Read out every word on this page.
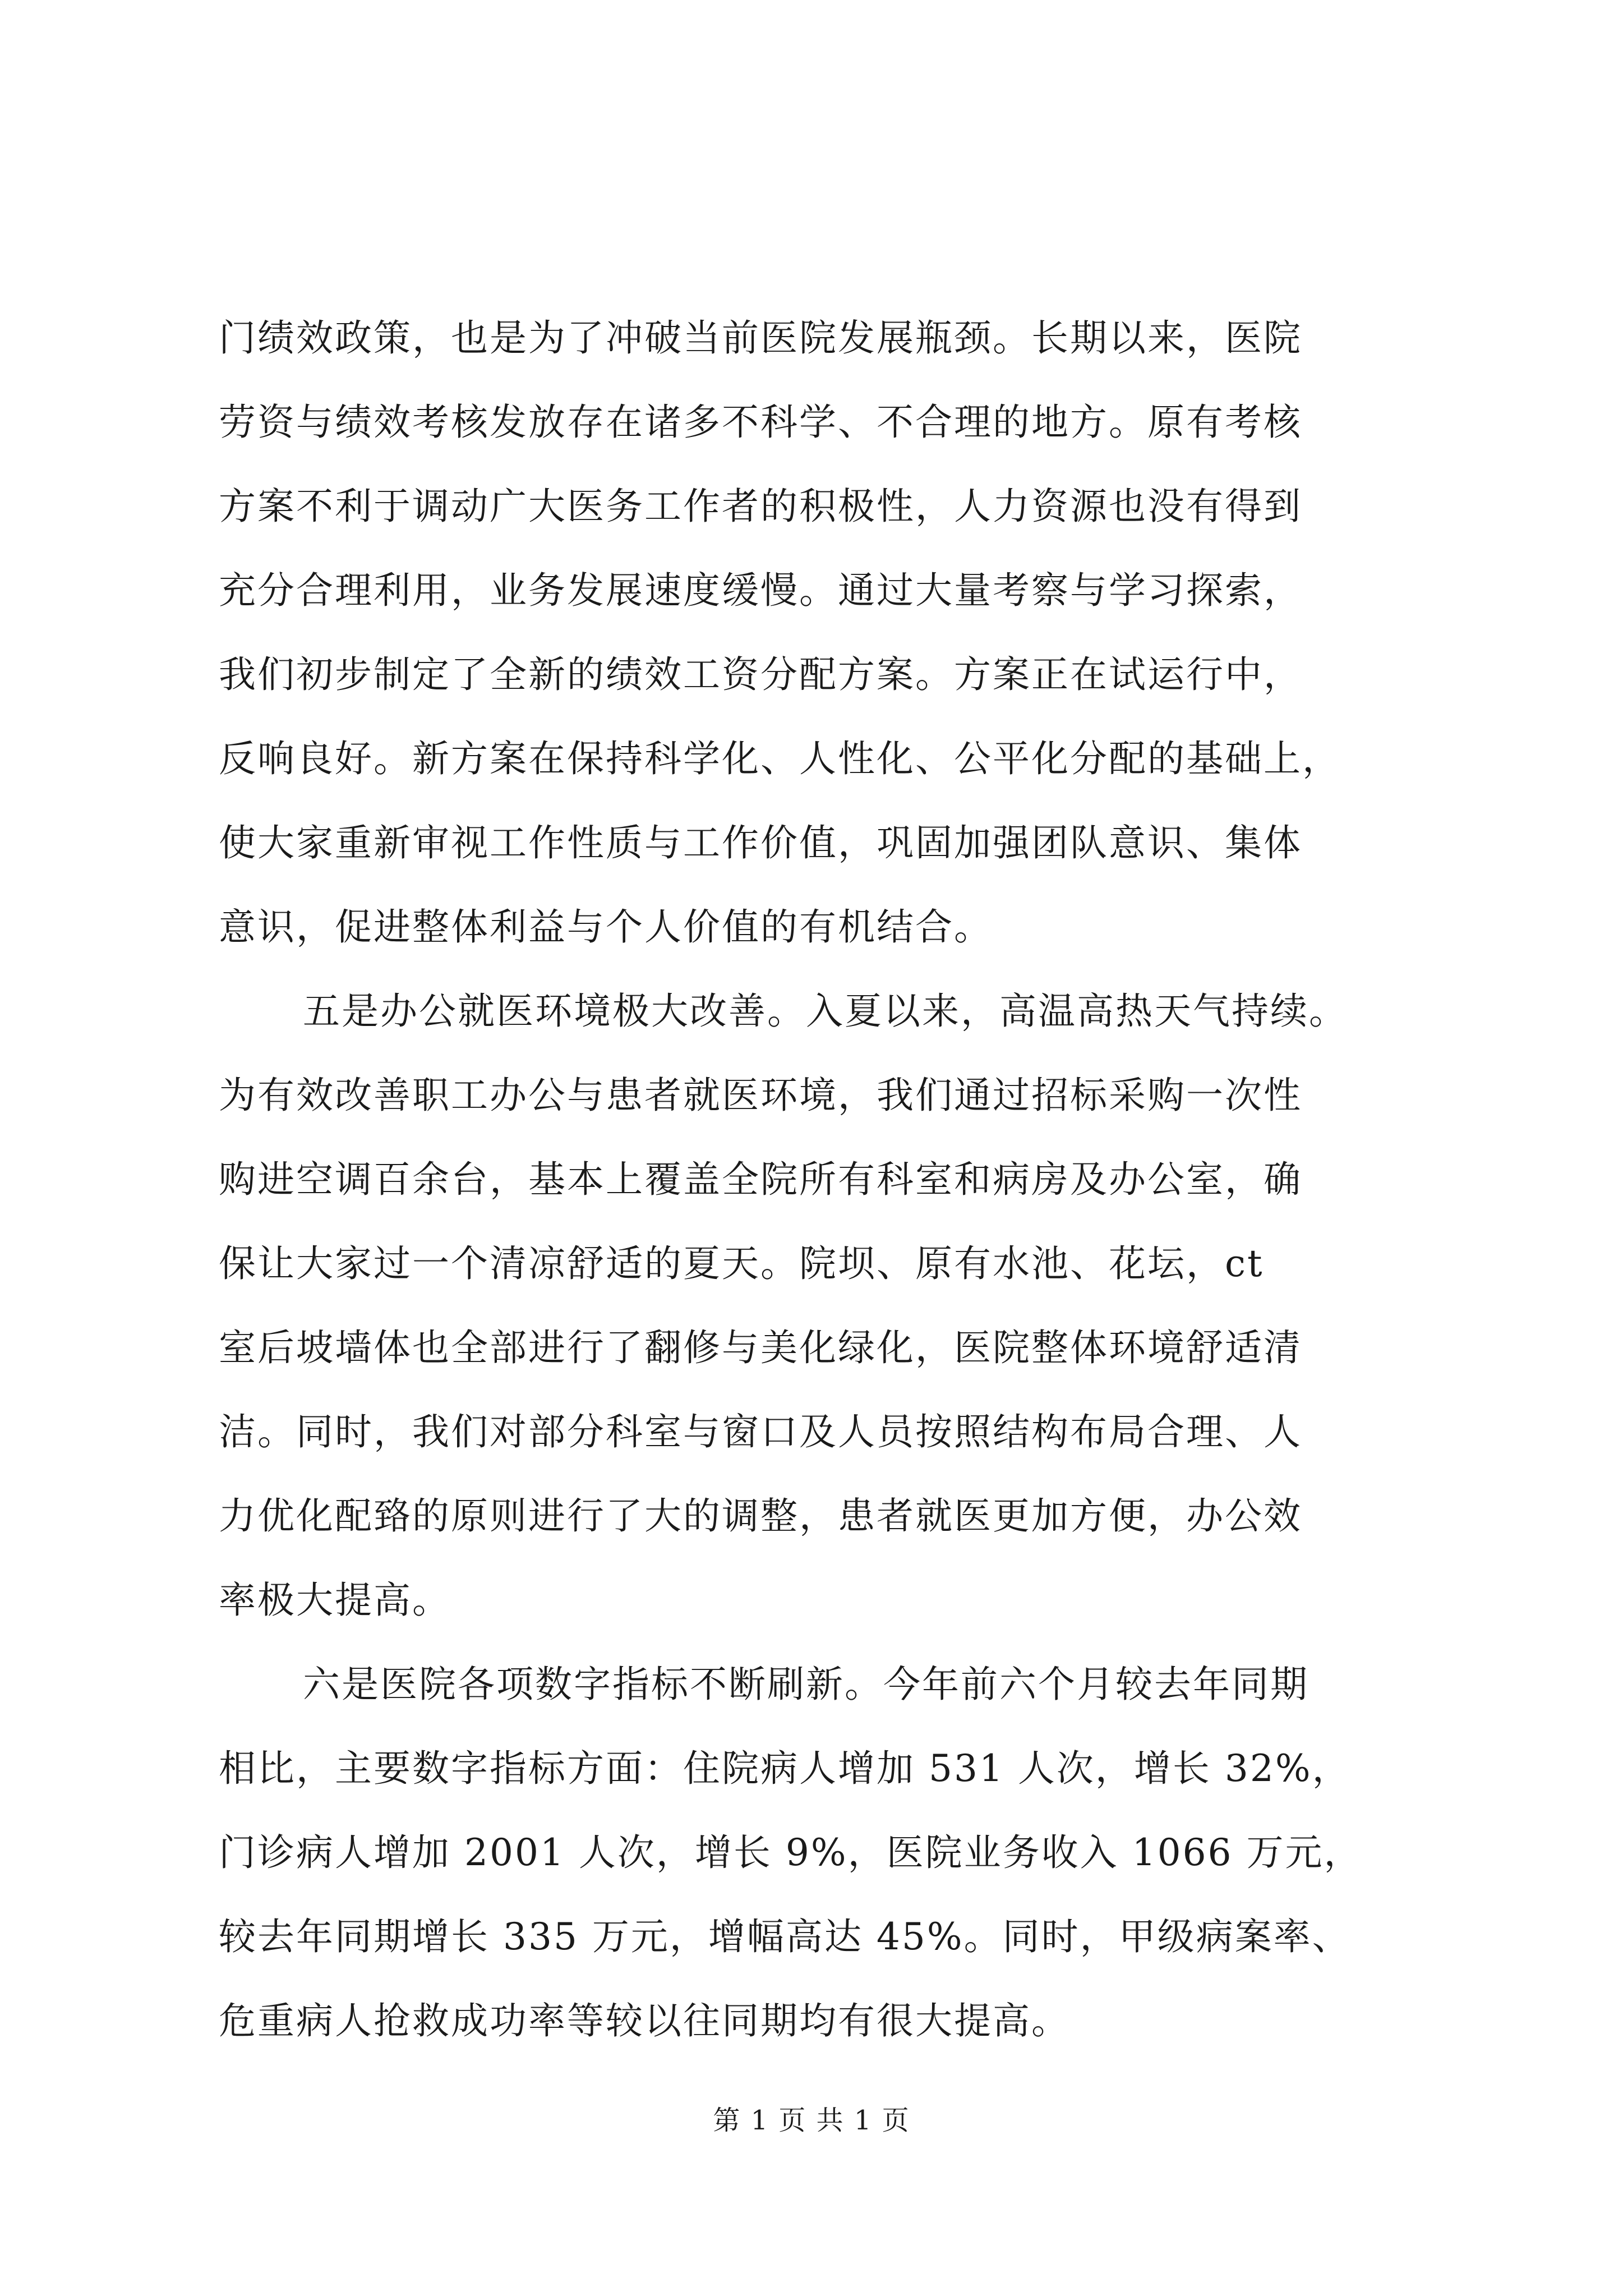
门绩效政策，也是为了冲破当前医院发展瓶颈。长期以来，医院
劳资与绩效考核发放存在诸多不科学、不合理的地方。原有考核
方案不利于调动广大医务工作者的积极性，人力资源也没有得到
充分合理利用，业务发展速度缓慢。通过大量考察与学习探索，
我们初步制定了全新的绩效工资分配方案。方案正在试运行中，
反响良好。新方案在保持科学化、人性化、公平化分配的基础上，
使大家重新审视工作性质与工作价值，巩固加强团队意识、集体
意识，促进整体利益与个人价值的有机结合。
五是办公就医环境极大改善。入夏以来，高温高热天气持续。
为有效改善职工办公与患者就医环境，我们通过招标采购一次性
购进空调百余台，基本上覆盖全院所有科室和病房及办公室，确
保让大家过一个清凉舒适的夏天。院坝、原有水池、花坛，ct
室后坡墙体也全部进行了翻修与美化绿化，医院整体环境舒适清
洁。同时，我们对部分科室与窗口及人员按照结构布局合理、人
力优化配臵的原则进行了大的调整，患者就医更加方便，办公效
率极大提高。
六是医院各项数字指标不断刷新。今年前六个月较去年同期
相比，主要数字指标方面：住院病人增加 531 人次，增长 32%，
门诊病人增加 2001 人次，增长 9%，医院业务收入 1066 万元，
较去年同期增长 335 万元，增幅高达 45%。同时，甲级病案率、
危重病人抢救成功率等较以往同期均有很大提高。
第 1 页 共 1 页
